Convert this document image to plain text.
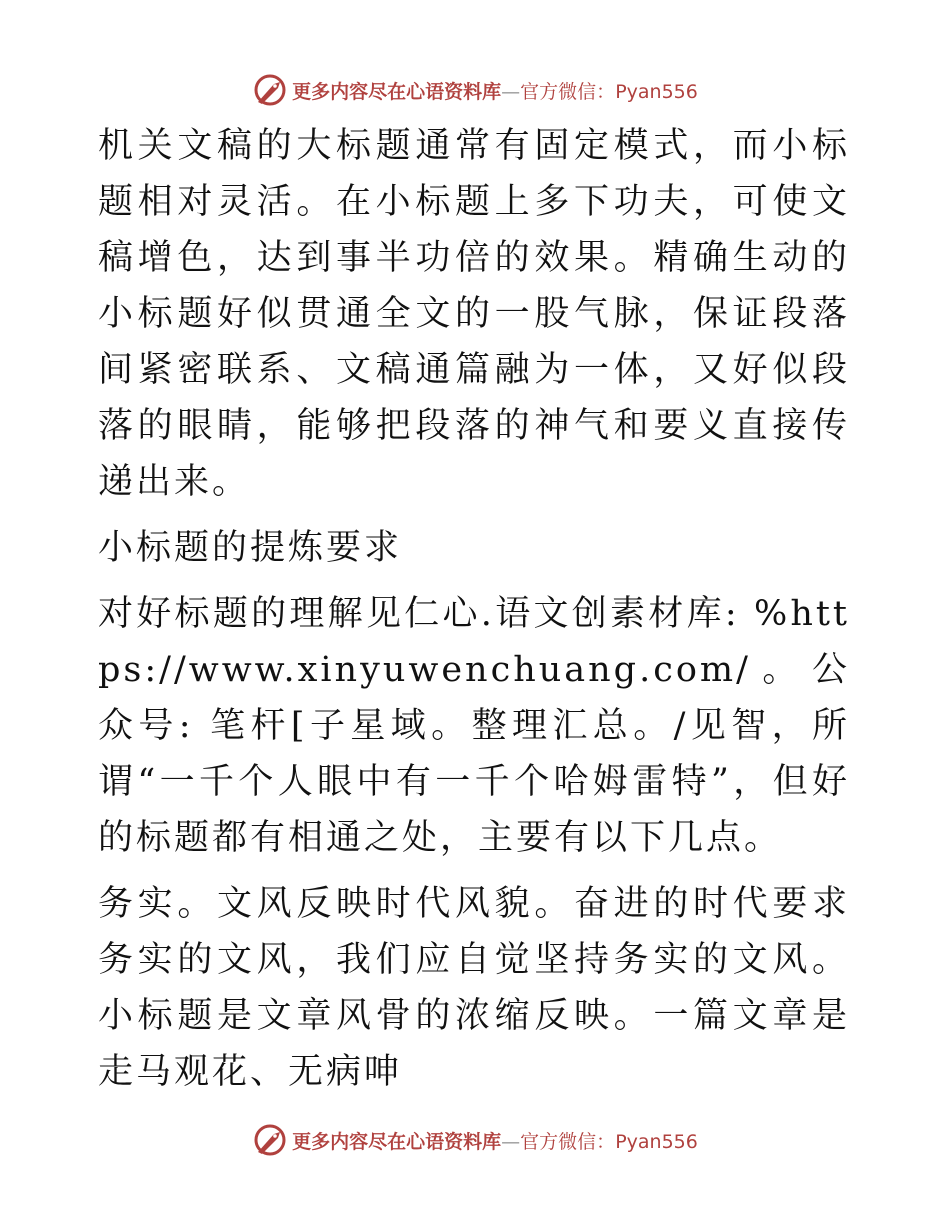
更多内容尽在心语资料库—官方微信：Pyan556

机关文稿的大标题通常有固定模式，而小标题相对灵活。在小标题上多下功夫，可使文稿增色，达到事半功倍的效果。精确生动的小标题好似贯通全文的一股气脉，保证段落间紧密联系、文稿通篇融为一体，又好似段落的眼睛，能够把段落的神气和要义直接传递出来。

小标题的提炼要求

对好标题的理解见仁心.语文创素材库: %https://www.xinyuwenchuang.com/。公众号: 笔杆[子星域。整理汇总。/见智，所谓“一千个人眼中有一千个哈姆雷特”，但好的标题都有相通之处，主要有以下几点。

务实。文风反映时代风貌。奋进的时代要求务实的文风，我们应自觉坚持务实的文风。小标题是文章风骨的浓缩反映。一篇文章是走马观花、无病呻

更多内容尽在心语资料库—官方微信：Pyan556
